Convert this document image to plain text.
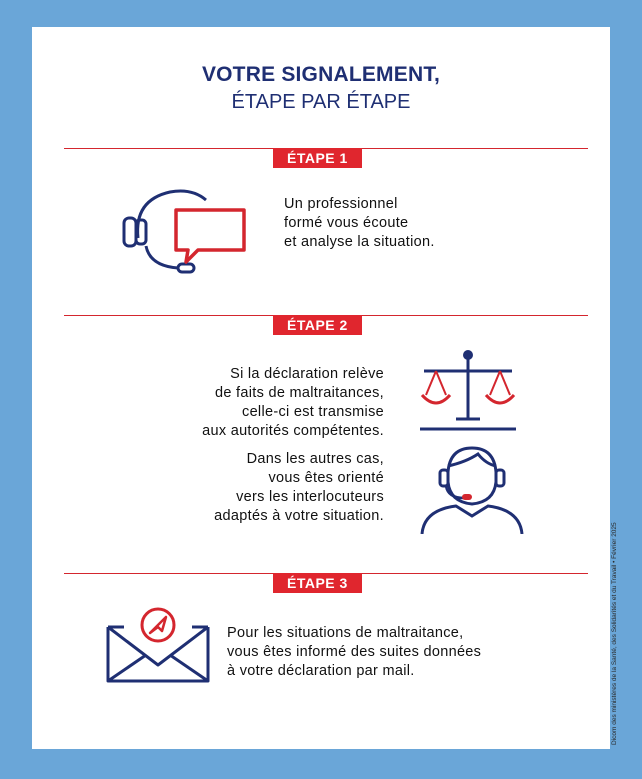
VOTRE SIGNALEMENT,
ÉTAPE PAR ÉTAPE
ÉTAPE 1
Un professionnel
formé vous écoute
et analyse la situation.
ÉTAPE 2
Si la déclaration relève
de faits de maltraitances,
celle-ci est transmise
aux autorités compétentes.
Dans les autres cas,
vous êtes orienté
vers les interlocuteurs
adaptés à votre situation.
ÉTAPE 3
Pour les situations de maltraitance,
vous êtes informé des suites données
à votre déclaration par mail.	Dicom des ministères de la Santé, des Solidarités et du Travail • Février 2025
